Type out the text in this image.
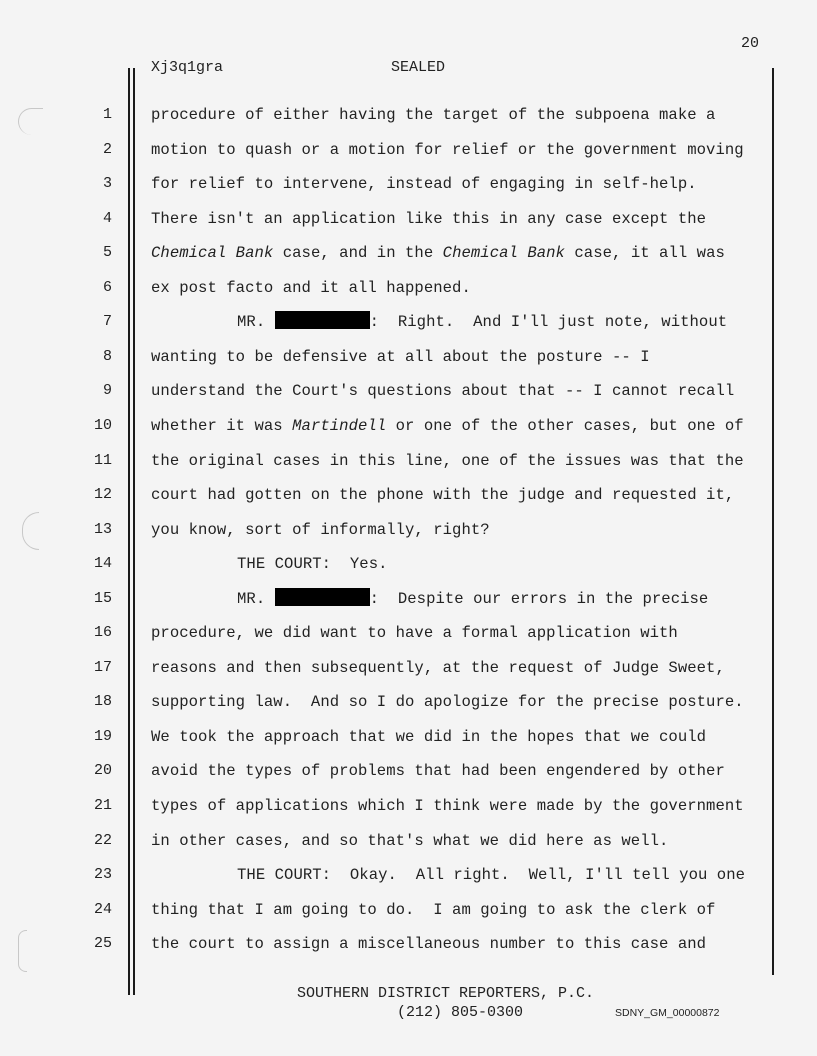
20
Xj3q1gra	SEALED
1	procedure of either having the target of the subpoena make a
2	motion to quash or a motion for relief or the government moving
3	for relief to intervene, instead of engaging in self-help.
4	There isn't an application like this in any case except the
5	Chemical Bank case, and in the Chemical Bank case, it all was
6	ex post facto and it all happened.
7	MR.	:  Right.  And I'll just note, without
8	wanting to be defensive at all about the posture -- I
9	understand the Court's questions about that -- I cannot recall
10	whether it was Martindell or one of the other cases, but one of
11	the original cases in this line, one of the issues was that the
12	court had gotten on the phone with the judge and requested it,
13	you know, sort of informally, right?
14	THE COURT:  Yes.
15	MR.	:  Despite our errors in the precise
16	procedure, we did want to have a formal application with
17	reasons and then subsequently, at the request of Judge Sweet,
18	supporting law.  And so I do apologize for the precise posture.
19	We took the approach that we did in the hopes that we could
20	avoid the types of problems that had been engendered by other
21	types of applications which I think were made by the government
22	in other cases, and so that's what we did here as well.
23	THE COURT:  Okay.  All right.  Well, I'll tell you one
24	thing that I am going to do.  I am going to ask the clerk of
25	the court to assign a miscellaneous number to this case and
SOUTHERN DISTRICT REPORTERS, P.C.
(212) 805-0300	SDNY_GM_00000872
